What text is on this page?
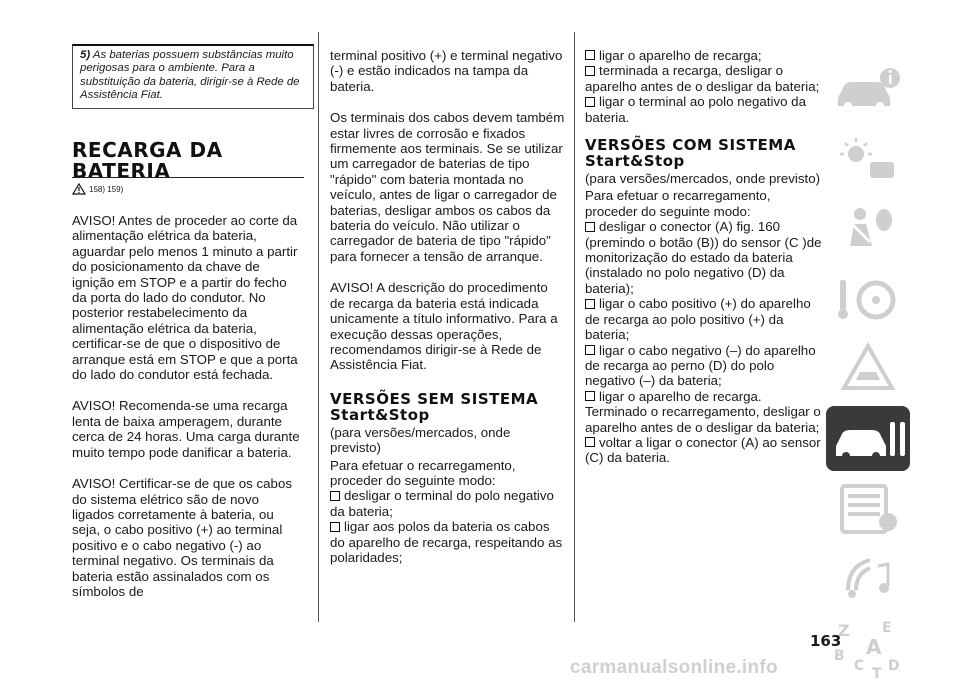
5) As baterias possuem substâncias muito perigosas para o ambiente. Para a substituição da bateria, dirigir-se à Rede de Assistência Fiat.
RECARGA DA
BATERIA
158) 159)

AVISO! Antes de proceder ao corte da alimentação elétrica da bateria, aguardar pelo menos 1 minuto a partir do posicionamento da chave de ignição em STOP e a partir do fecho da porta do lado do condutor. No posterior restabelecimento da alimentação elétrica da bateria, certificar-se de que o dispositivo de arranque está em STOP e que a porta do lado do condutor está fechada.

AVISO! Recomenda-se uma recarga lenta de baixa amperagem, durante cerca de 24 horas. Uma carga durante muito tempo pode danificar a bateria.

AVISO! Certificar-se de que os cabos do sistema elétrico são de novo ligados corretamente à bateria, ou seja, o cabo positivo (+) ao terminal positivo e o cabo negativo (-) ao terminal negativo. Os terminais da bateria estão assinalados com os símbolos de

terminal positivo (+) e terminal negativo (-) e estão indicados na tampa da bateria.

Os terminais dos cabos devem também estar livres de corrosão e fixados firmemente aos terminais. Se se utilizar um carregador de baterias de tipo "rápido" com bateria montada no veículo, antes de ligar o carregador de baterias, desligar ambos os cabos da bateria do veículo. Não utilizar o carregador de bateria de tipo "rápido" para fornecer a tensão de arranque.

AVISO! A descrição do procedimento de recarga da bateria está indicada unicamente a título informativo. Para a execução dessas operações, recomendamos dirigir-se à Rede de Assistência Fiat.

VERSÕES SEM SISTEMA
Start&Stop

(para versões/mercados, onde previsto)

Para efetuar o recarregamento, proceder do seguinte modo:

desligar o terminal do polo negativo da bateria;

ligar aos polos da bateria os cabos do aparelho de recarga, respeitando as polaridades;

ligar o aparelho de recarga;

terminada a recarga, desligar o aparelho antes de o desligar da bateria;

ligar o terminal ao polo negativo da bateria.

VERSÕES COM SISTEMA
Start&Stop

(para versões/mercados, onde previsto)

Para efetuar o recarregamento, proceder do seguinte modo:

desligar o conector (A) fig. 160 (premindo o botão (B)) do sensor (C )de monitorização do estado da bateria (instalado no polo negativo (D) da bateria);

ligar o cabo positivo (+) do aparelho de recarga ao polo positivo (+) da bateria;

ligar o cabo negativo (–) do aparelho de recarga ao perno (D) do polo negativo (–) da bateria;

ligar o aparelho de recarga.

Terminado o recarregamento, desligar o aparelho antes de o desligar da bateria;

voltar a ligar o conector (A) ao sensor (C) da bateria.

Z E
B A
C T D
163
carmanualsonline.info
